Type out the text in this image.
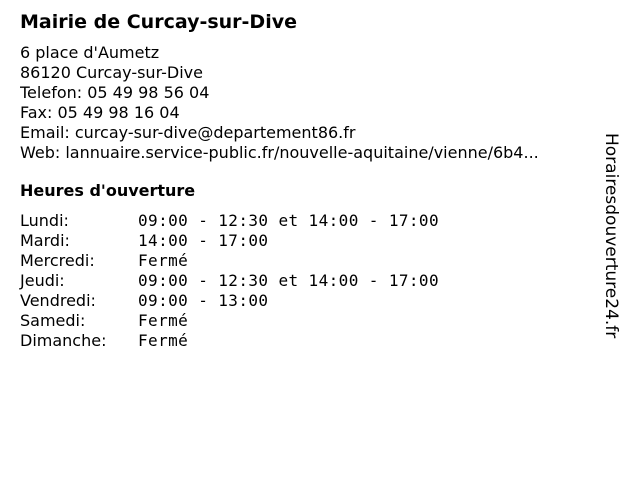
Mairie de Curcay-sur-Dive
6 place d'Aumetz
86120 Curcay-sur-Dive
Telefon: 05 49 98 56 04
Fax: 05 49 98 16 04
Email: curcay-sur-dive@departement86.fr
Web: lannuaire.service-public.fr/nouvelle-aquitaine/vienne/6b4...
Heures d'ouverture
Lundi:	09:00 - 12:30 et 14:00 - 17:00
Mardi:	14:00 - 17:00
Mercredi:	Fermé
Jeudi:	09:00 - 12:30 et 14:00 - 17:00
Vendredi:	09:00 - 13:00
Samedi:	Fermé
Dimanche:	Fermé
Horairesdouverture24.fr
